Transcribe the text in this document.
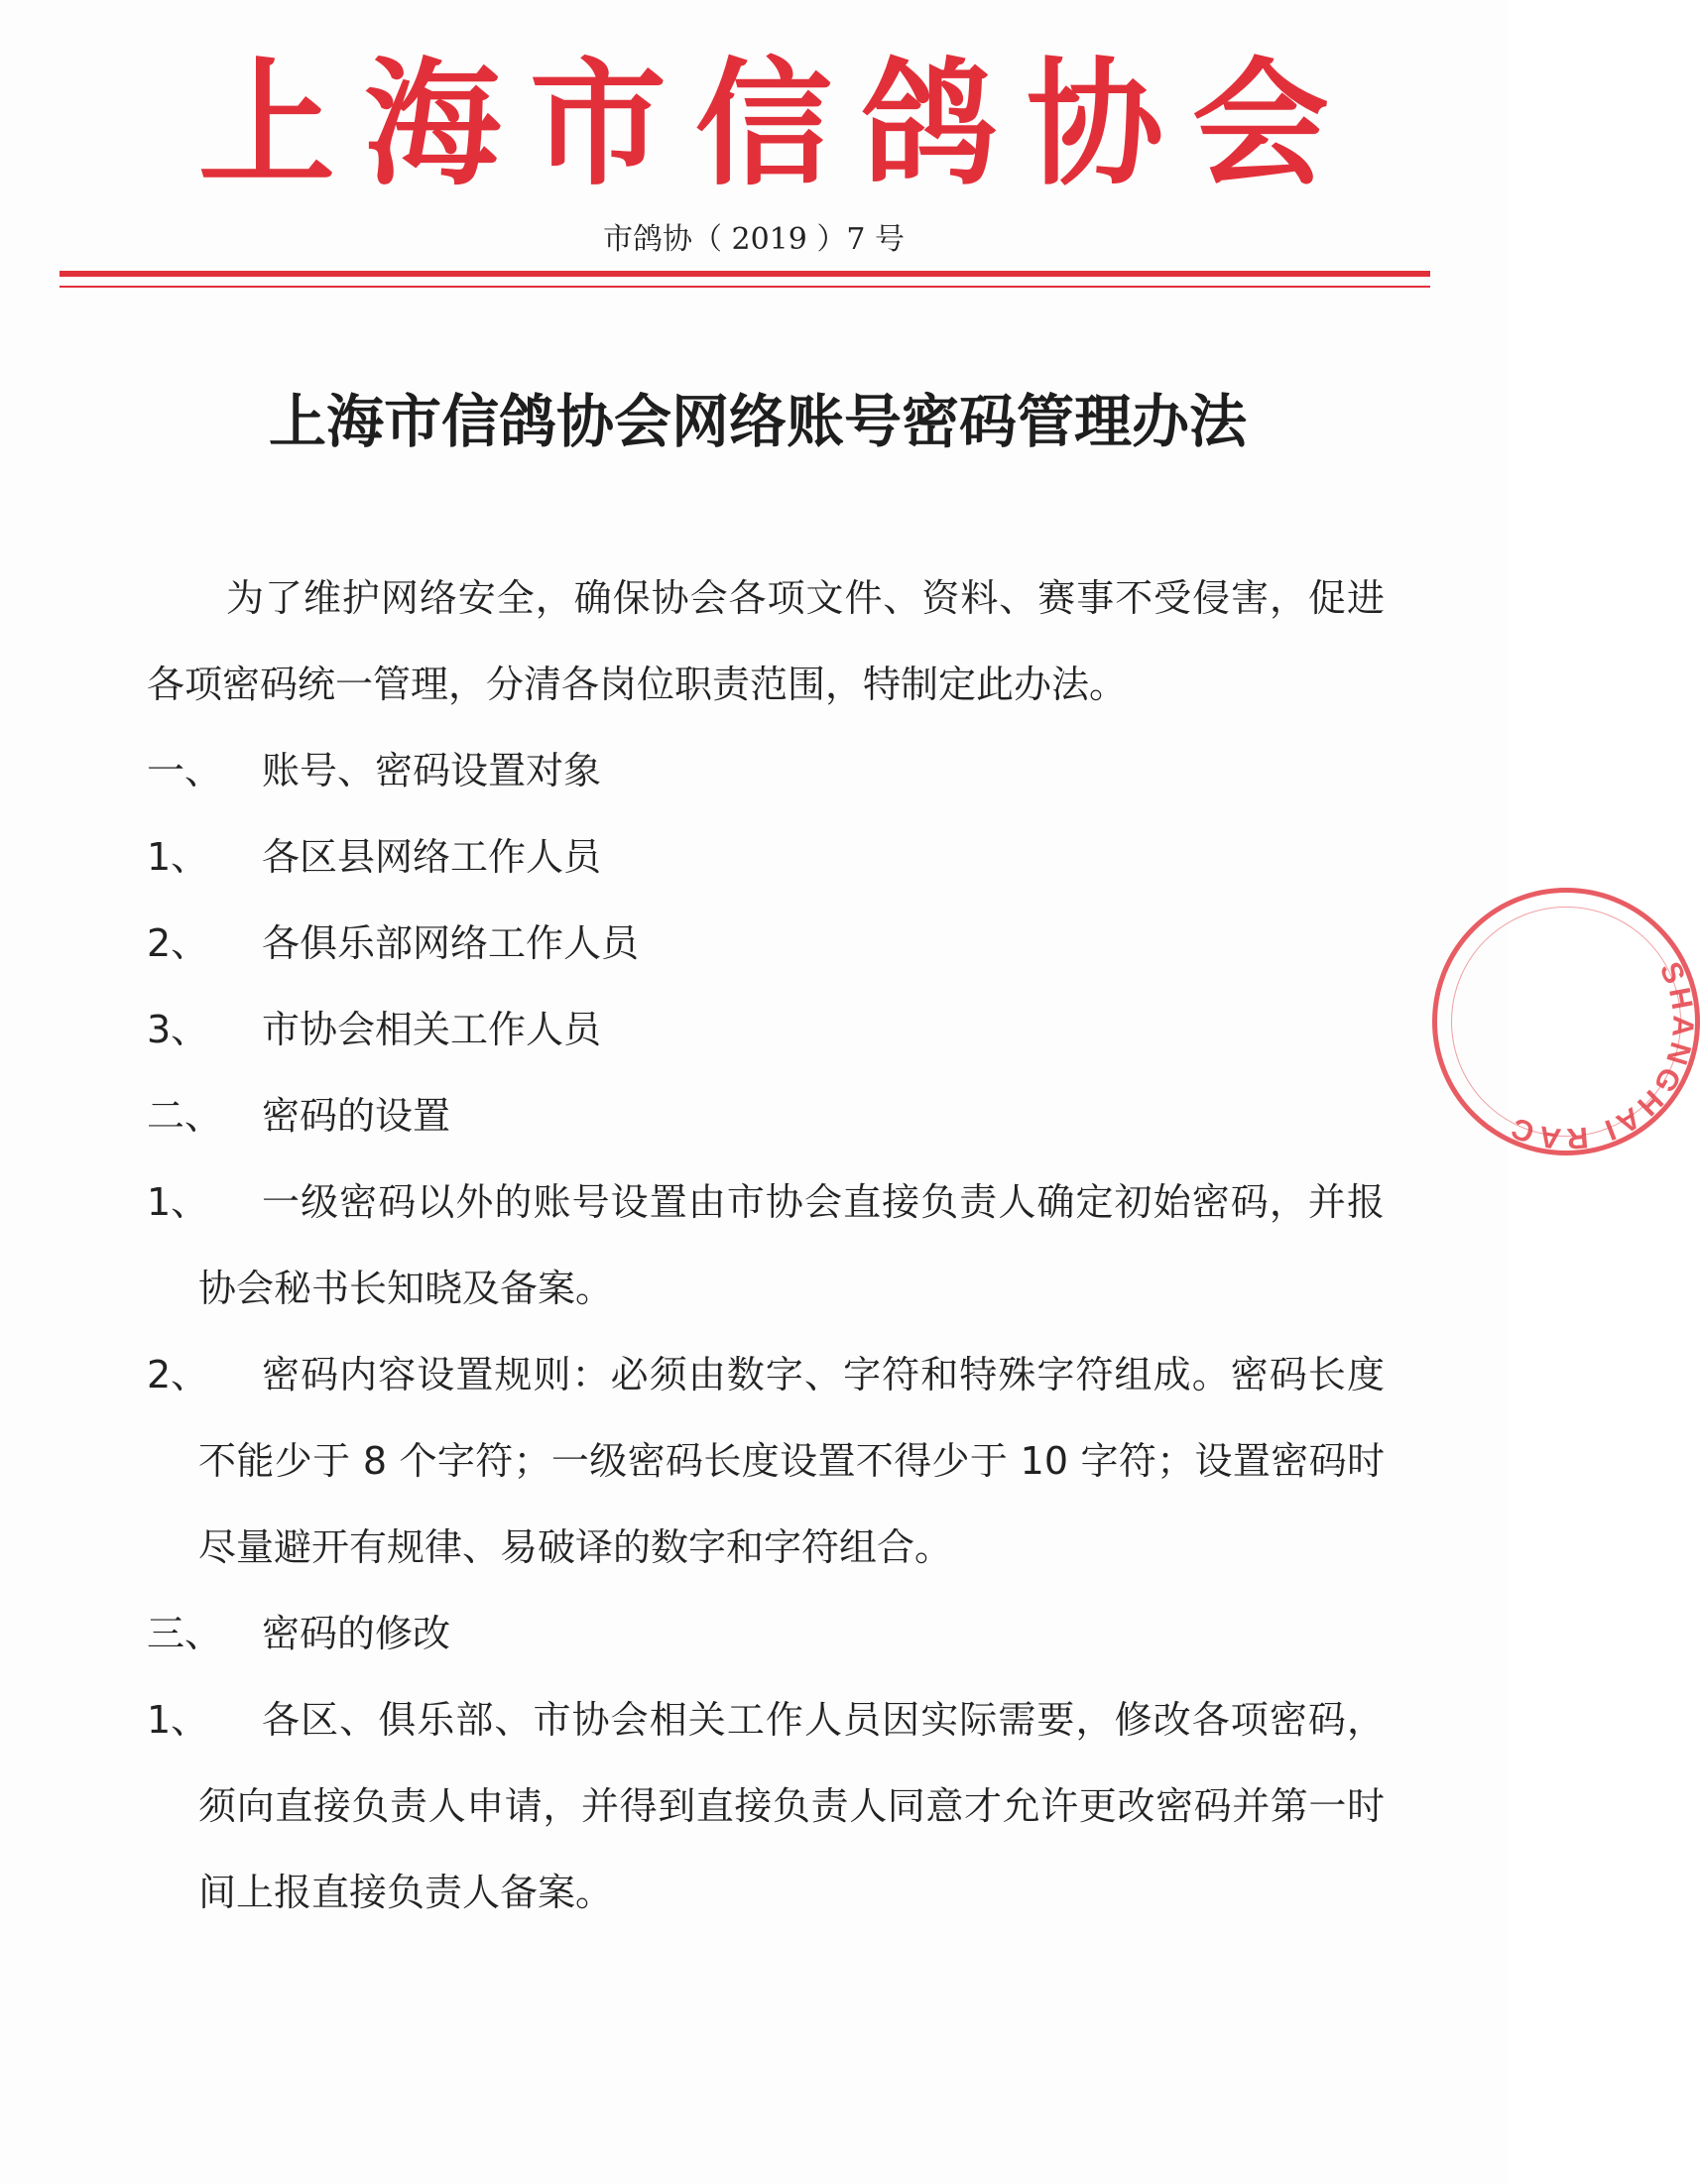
上 海 市 信 鸽 协 会
市鸽协（ 2019 ）7 号
上海市信鸽协会网络账号密码管理办法
为了维护网络安全，确保协会各项文件、资料、赛事不受侵害，促进
各项密码统一管理，分清各岗位职责范围，特制定此办法。
一、	账号、密码设置对象
1、	各区县网络工作人员
2、	各俱乐部网络工作人员
3、	市协会相关工作人员
二、	密码的设置
1、	一级密码以外的账号设置由市协会直接负责人确定初始密码，并报
协会秘书长知晓及备案。
2、	密码内容设置规则：必须由数字、字符和特殊字符组成。密码长度
不能少于 8 个字符；一级密码长度设置不得少于 10 字符；设置密码时
尽量避开有规律、易破译的数字和字符组合。
三、	密码的修改
1、	各区、俱乐部、市协会相关工作人员因实际需要，修改各项密码，
须向直接负责人申请，并得到直接负责人同意才允许更改密码并第一时
间上报直接负责人备案。
SHANGHAI RAC
